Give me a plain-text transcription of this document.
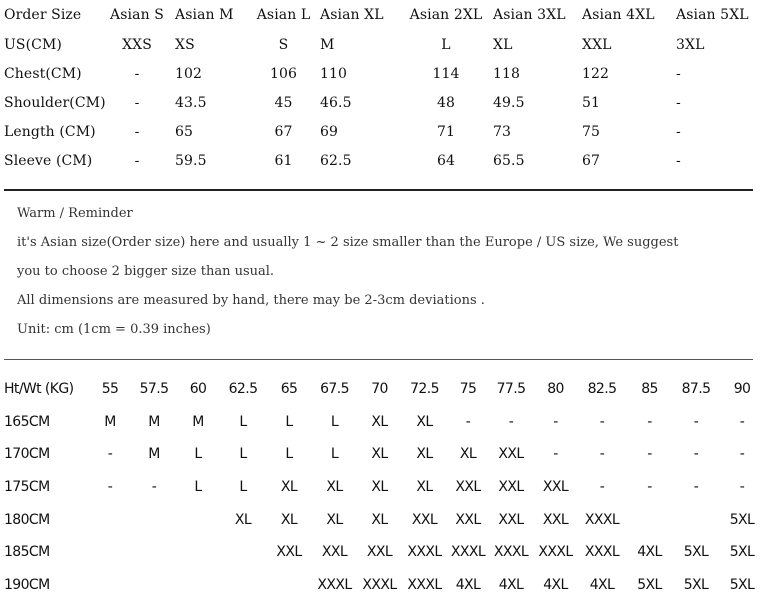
Order Size	Asian S	Asian M	Asian L	Asian XL	Asian 2XL	Asian 3XL	Asian 4XL	Asian 5XL
US(CM)	XXS	XS	S	M	L	XL	XXL	3XL
Chest(CM)	-	102	106	110	114	118	122	-
Shoulder(CM)	-	43.5	45	46.5	48	49.5	51	-
Length (CM)	-	65	67	69	71	73	75	-
Sleeve (CM)	-	59.5	61	62.5	64	65.5	67	-
Warm / Reminder
it's Asian size(Order size) here and usually 1 ~ 2 size smaller than the Europe / US size, We suggest
you to choose 2 bigger size than usual.
All dimensions are measured by hand, there may be 2-3cm deviations .
Unit: cm (1cm = 0.39 inches)
Ht/Wt (KG)	55	57.5	60	62.5	65	67.5	70	72.5	75	77.5	80	82.5	85	87.5	90
165CM	M	M	M	L	L	L	XL	XL	-	-	-	-	-	-	-
170CM	-	M	L	L	L	L	XL	XL	XL	XXL	-	-	-	-	-
175CM	-	-	L	L	XL	XL	XL	XL	XXL	XXL	XXL	-	-	-	-
180CM				XL	XL	XL	XL	XXL	XXL	XXL	XXL	XXXL			5XL
185CM					XXL	XXL	XXL	XXXL	XXXL	XXXL	XXXL	XXXL	4XL	5XL	5XL
190CM						XXXL	XXXL	XXXL	4XL	4XL	4XL	4XL	5XL	5XL	5XL
